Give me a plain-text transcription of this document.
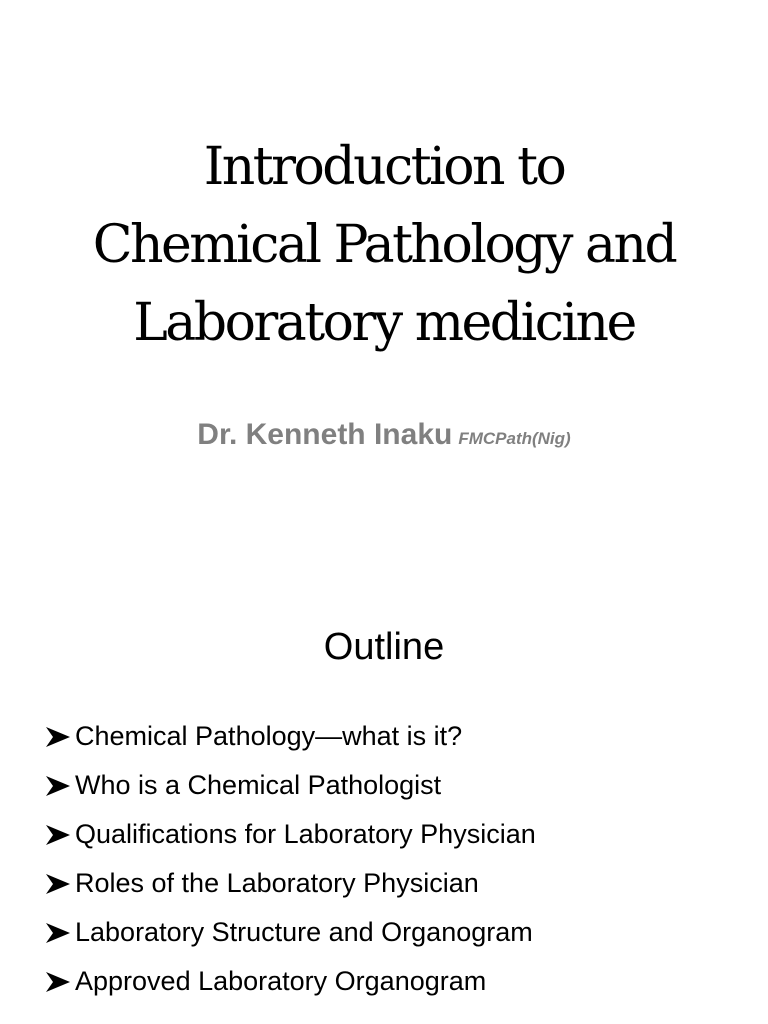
Introduction to
Chemical Pathology and
Laboratory medicine
Dr. Kenneth Inaku FMCPath(Nig)
Outline
Chemical Pathology—what is it?
Who is a Chemical Pathologist
Qualifications for Laboratory Physician
Roles of the Laboratory Physician
Laboratory Structure and Organogram
Approved Laboratory Organogram
